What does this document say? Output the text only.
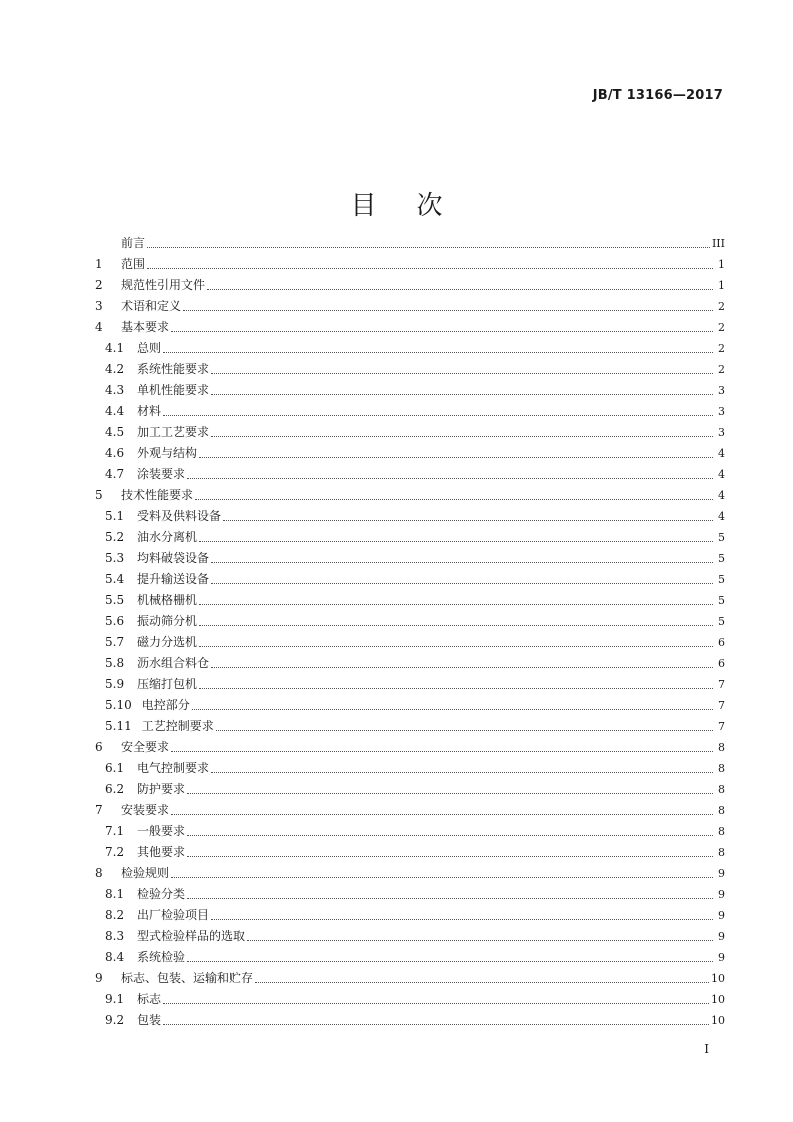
JB/T 13166—2017
目次
前言	III
1	范围	1
2	规范性引用文件	1
3	术语和定义	2
4	基本要求	2
4.1 总则	2
4.2 系统性能要求	2
4.3 单机性能要求	3
4.4 材料	3
4.5 加工工艺要求	3
4.6 外观与结构	4
4.7 涂装要求	4
5	技术性能要求	4
5.1 受料及供料设备	4
5.2 油水分离机	5
5.3 均料破袋设备	5
5.4 提升输送设备	5
5.5 机械格栅机	5
5.6 振动筛分机	5
5.7 磁力分选机	6
5.8 沥水组合料仓	6
5.9 压缩打包机	7
5.10 电控部分	7
5.11 工艺控制要求	7
6	安全要求	8
6.1 电气控制要求	8
6.2 防护要求	8
7	安装要求	8
7.1 一般要求	8
7.2 其他要求	8
8	检验规则	9
8.1 检验分类	9
8.2 出厂检验项目	9
8.3 型式检验样品的选取	9
8.4 系统检验	9
9	标志、包装、运输和贮存	10
9.1 标志	10
9.2 包装	10
I
